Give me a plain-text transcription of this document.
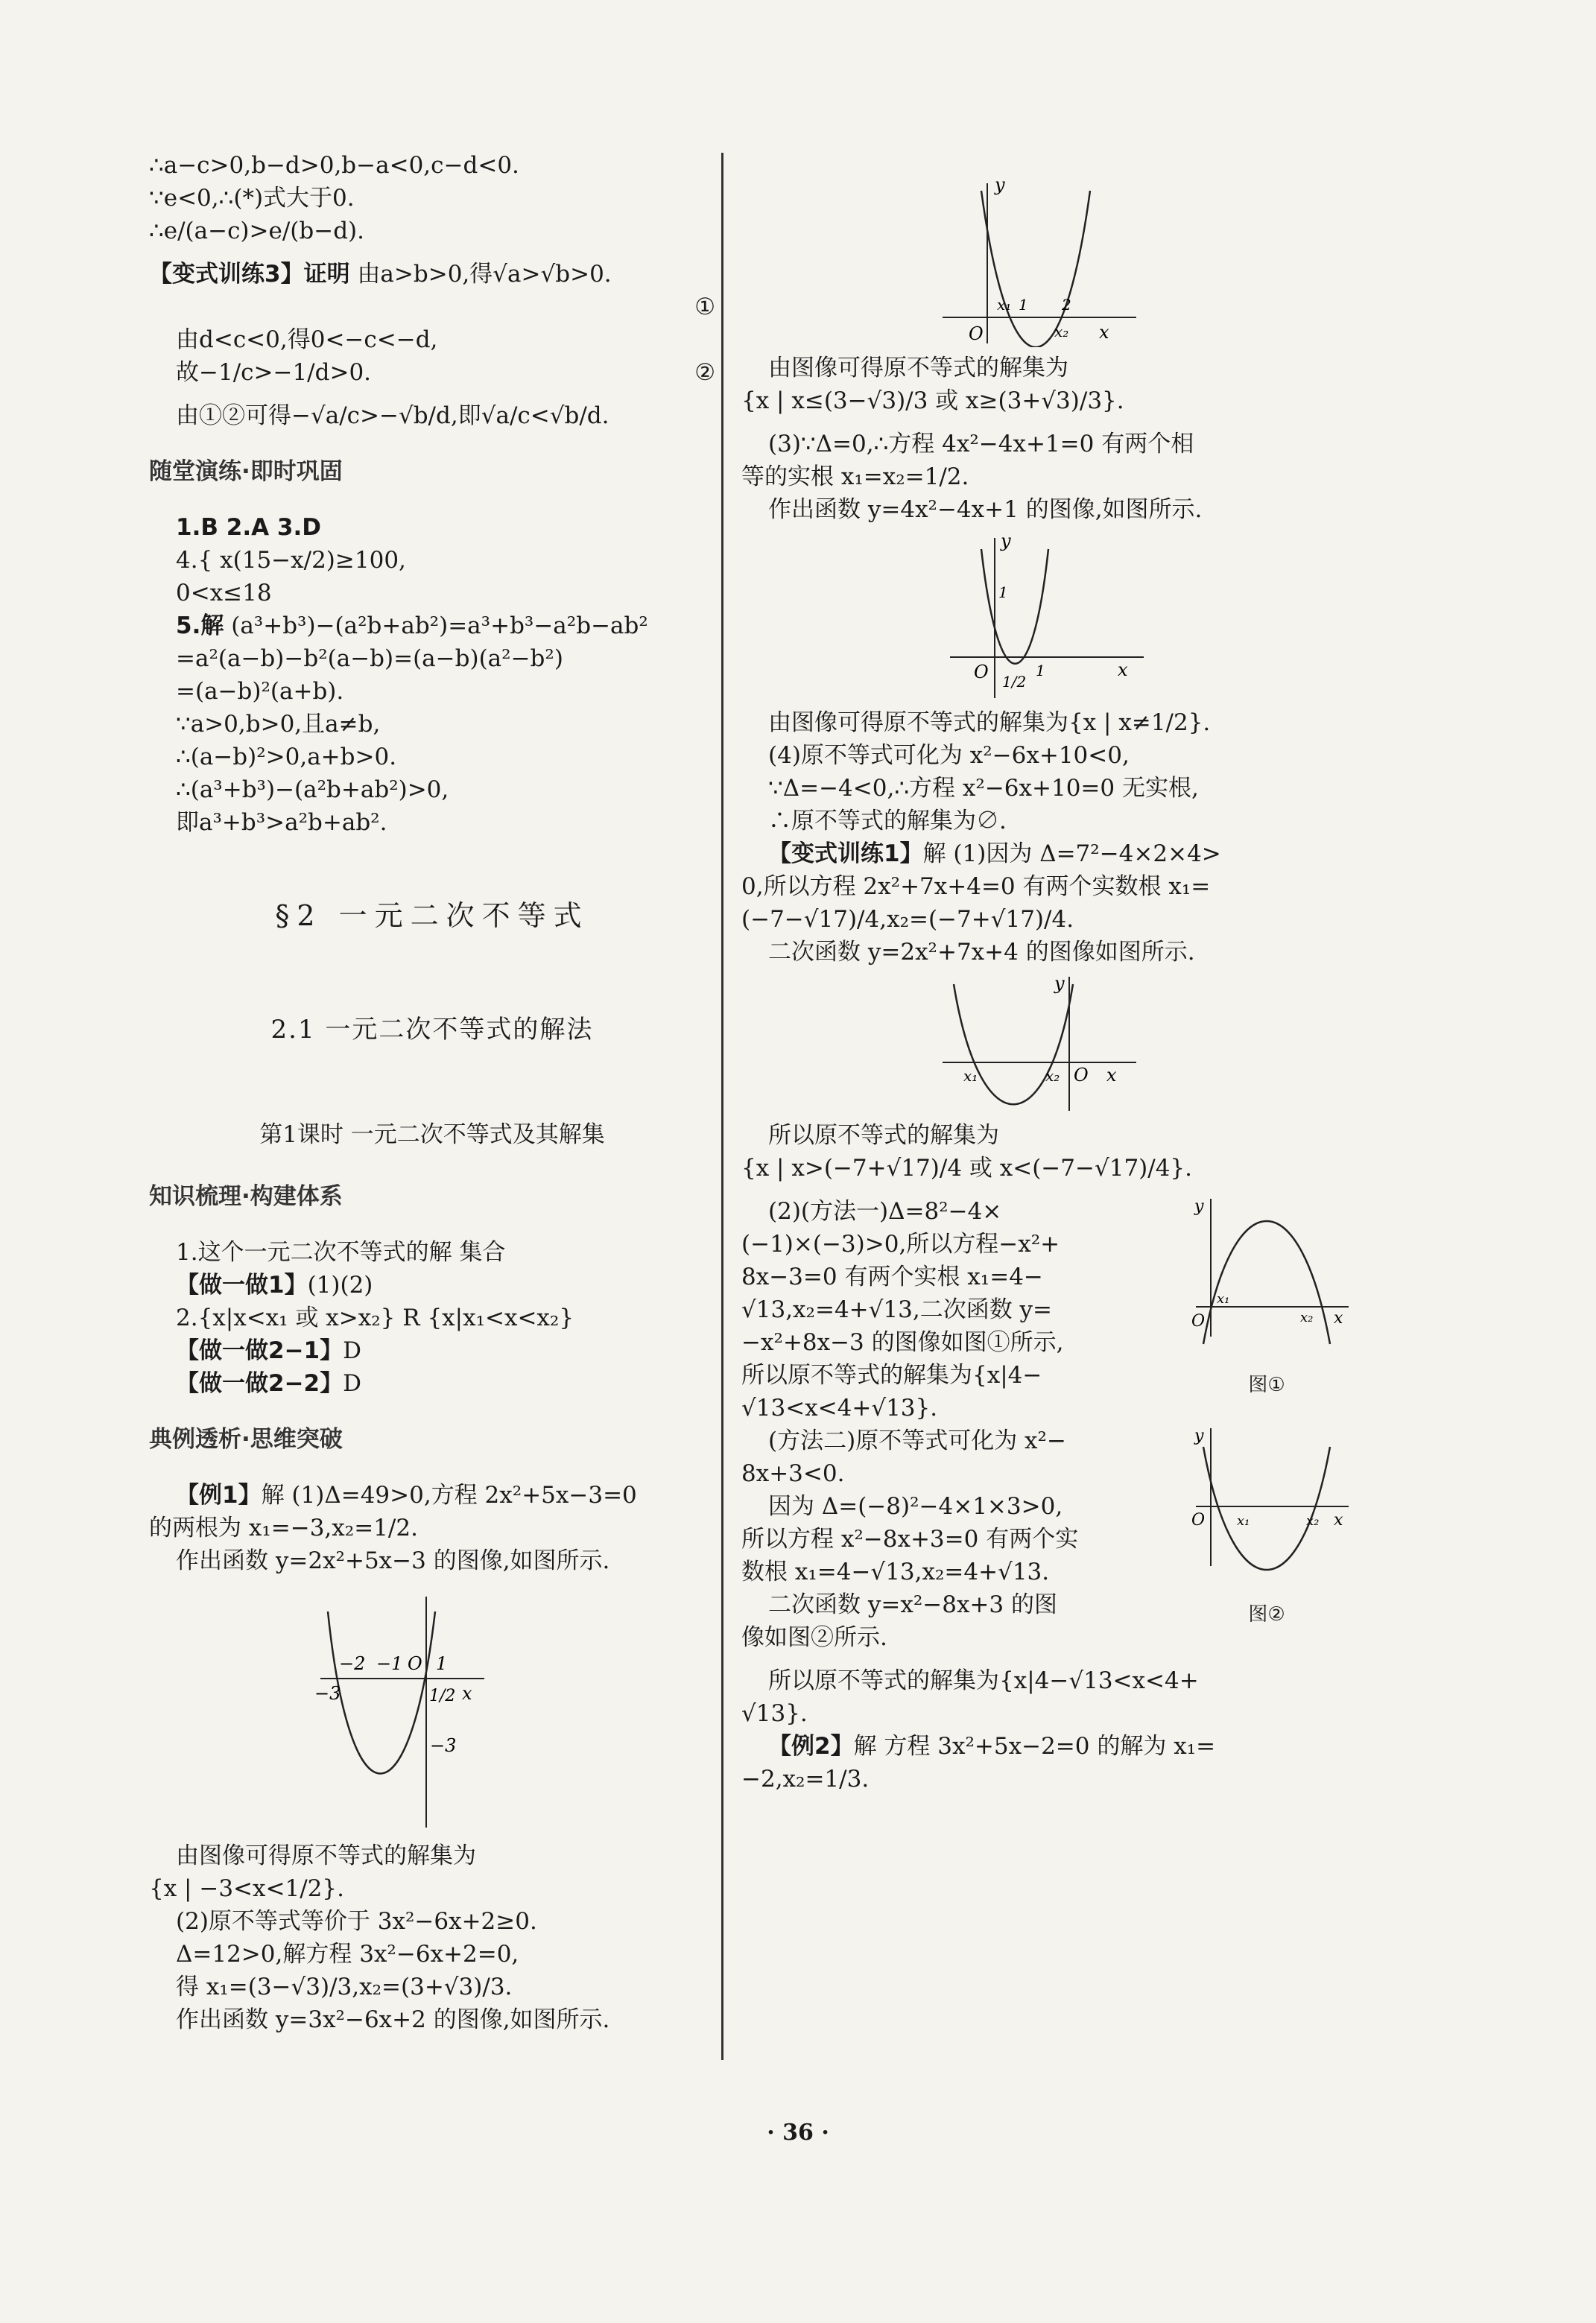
∴a−c>0,b−d>0,b−a<0,c−d<0.

∵e<0,∴(*)式大于0.

∴e/(a−c)>e/(b−d).

【变式训练3】证明 由a>b>0,得√a>√b>0.

①

由d<c<0,得0<−c<−d,

故−1/c>−1/d>0.	②

由①②可得−√a/c>−√b/d,即√a/c<√b/d.

随堂演练·即时巩固

1.B 2.A 3.D

4.{ x(15−x/2)≥100,

0<x≤18

5.解 (a³+b³)−(a²b+ab²)=a³+b³−a²b−ab²

=a²(a−b)−b²(a−b)=(a−b)(a²−b²)

=(a−b)²(a+b).

∵a>0,b>0,且a≠b,

∴(a−b)²>0,a+b>0.

∴(a³+b³)−(a²b+ab²)>0,

即a³+b³>a²b+ab².

§2 一元二次不等式

2.1 一元二次不等式的解法

第1课时 一元二次不等式及其解集

知识梳理·构建体系

1.这个一元二次不等式的解 集合

【做一做1】(1)(2)

2.{x|x<x₁ 或 x>x₂} R {x|x₁<x<x₂}

【做一做2−1】D

【做一做2−2】D

典例透析·思维突破

【例1】解 (1)Δ=49>0,方程 2x²+5x−3=0

的两根为 x₁=−3,x₂=1/2.

作出函数 y=2x²+5x−3 的图像,如图所示.

−2 −1 O 1
−3	1/2 x
−3

由图像可得原不等式的解集为

{x | −3<x<1/2}.

(2)原不等式等价于 3x²−6x+2≥0.

Δ=12>0,解方程 3x²−6x+2=0,

得 x₁=(3−√3)/3,x₂=(3+√3)/3.

作出函数 y=3x²−6x+2 的图像,如图所示.

y
x₁ 1 2
O	x₂ x

由图像可得原不等式的解集为

{x | x≤(3−√3)/3 或 x≥(3+√3)/3}.

(3)∵Δ=0,∴方程 4x²−4x+1=0 有两个相

等的实根 x₁=x₂=1/2.

作出函数 y=4x²−4x+1 的图像,如图所示.

y
1
O 1/2
1	x

由图像可得原不等式的解集为{x | x≠1/2}.

(4)原不等式可化为 x²−6x+10<0,

∵Δ=−4<0,∴方程 x²−6x+10=0 无实根,

∴原不等式的解集为∅.

【变式训练1】解 (1)因为 Δ=7²−4×2×4>

0,所以方程 2x²+7x+4=0 有两个实数根 x₁=

(−7−√17)/4,x₂=(−7+√17)/4.

二次函数 y=2x²+7x+4 的图像如图所示.

y
x₁	x₂ O x

所以原不等式的解集为

{x | x>(−7+√17)/4 或 x<(−7−√17)/4}.

(2)(方法一)Δ=8²−4×

(−1)×(−3)>0,所以方程−x²+

8x−3=0 有两个实根 x₁=4−

√13,x₂=4+√13,二次函数 y=

−x²+8x−3 的图像如图①所示,

所以原不等式的解集为{x|4−

√13<x<4+√13}.

y
O
x₁
x₂ x
图①

(方法二)原不等式可化为 x²−

8x+3<0.

因为 Δ=(−8)²−4×1×3>0,

所以方程 x²−8x+3=0 有两个实

数根 x₁=4−√13,x₂=4+√13.

二次函数 y=x²−8x+3 的图

像如图②所示.

y
O x₁	x₂ x
图②

所以原不等式的解集为{x|4−√13<x<4+

√13}.

【例2】解 方程 3x²+5x−2=0 的解为 x₁=

−2,x₂=1/3.

· 36 ·
